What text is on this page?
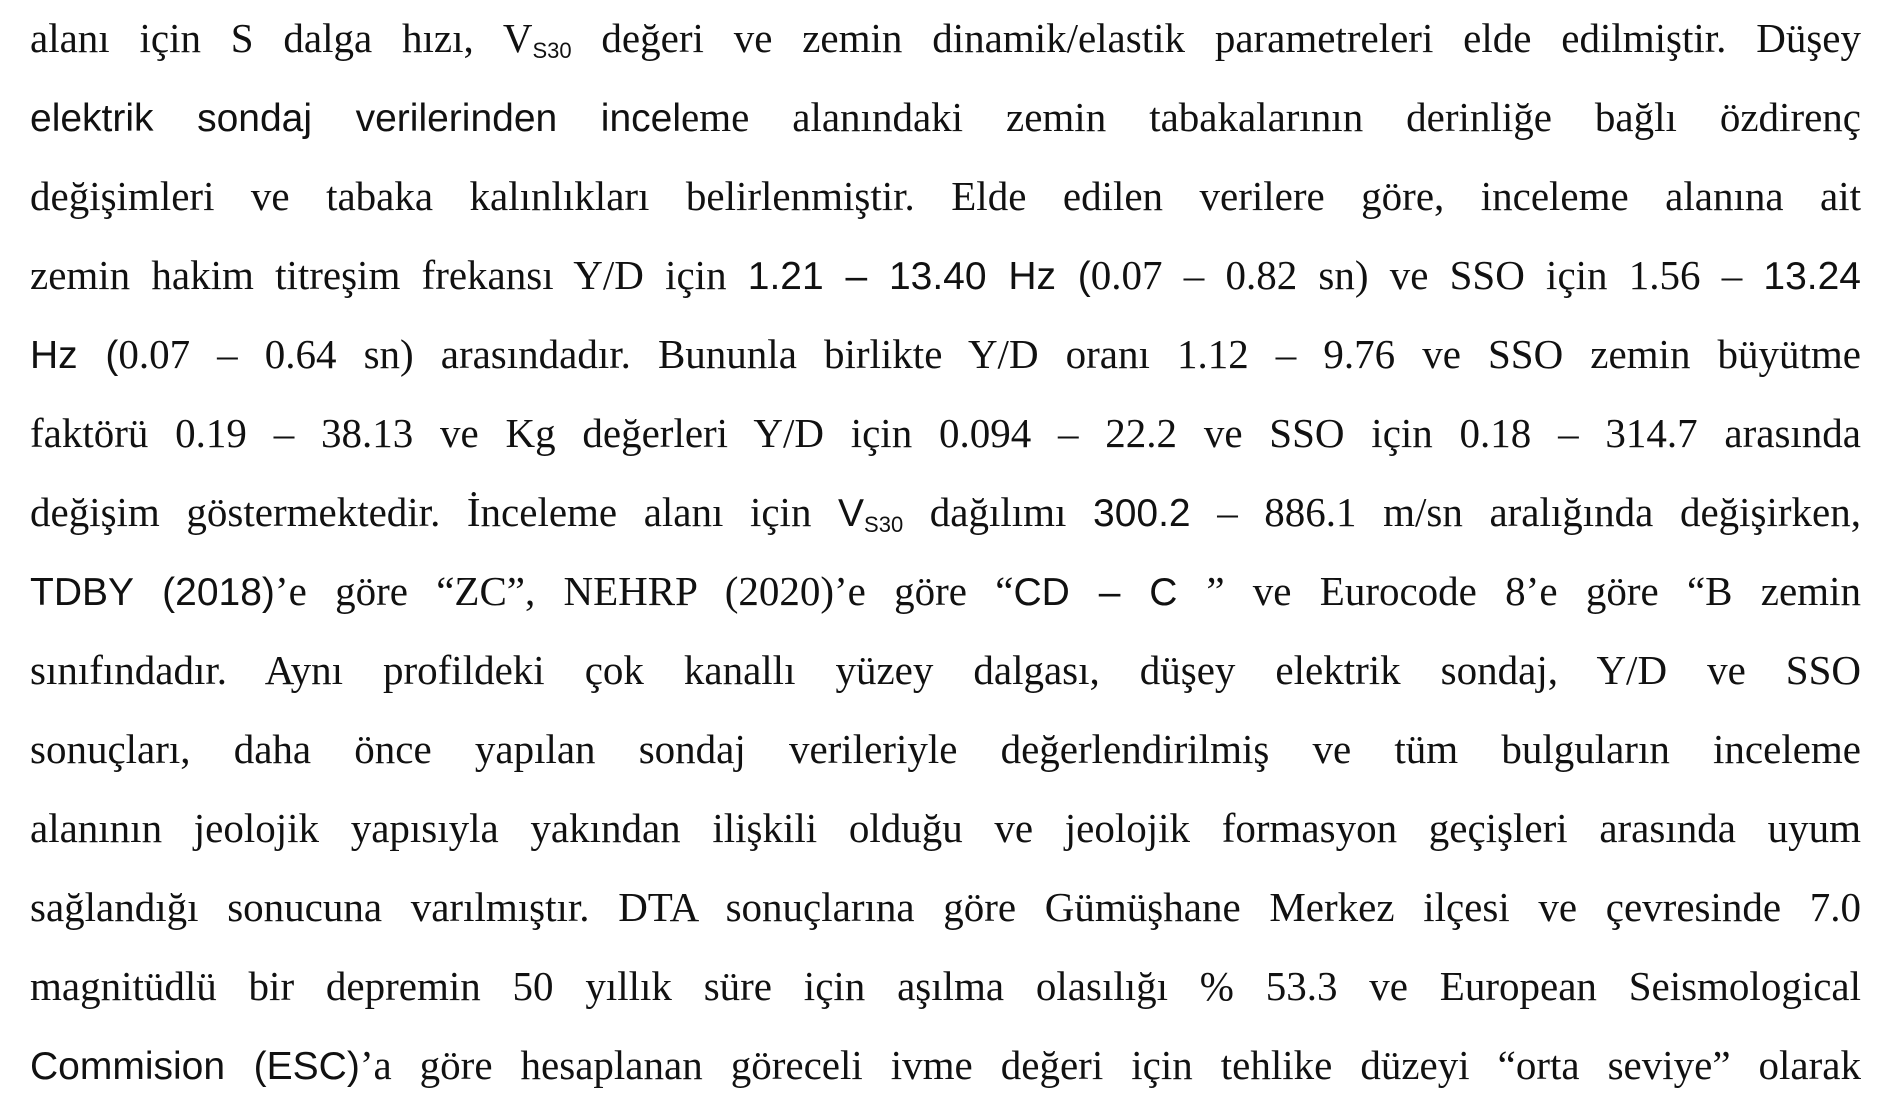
alanı için S dalga hızı, $V_{S30}$ değeri ve zemin dinamik/elastik parametreleri elde edilmiştir. Düşey
elektrik sondaj verilerinden inceleme alanındaki zemin tabakalarının derinliğe bağlı özdirenç
değişimleri ve tabaka kalınlıkları belirlenmiştir. Elde edilen verilere göre, inceleme alanına ait
zemin hakim titreşim frekansı Y/D için 1.21 – 13.40 Hz (0.07 – 0.82 sn) ve SSO için 1.56 – 13.24
Hz (0.07 – 0.64 sn) arasındadır. Bununla birlikte Y/D oranı 1.12 – 9.76 ve SSO zemin büyütme
faktörü 0.19 – 38.13 ve Kg değerleri Y/D için 0.094 – 22.2 ve SSO için 0.18 – 314.7 arasında
değişim göstermektedir. İnceleme alanı için $V_{S30}$ dağılımı 300.2 – 886.1 m/sn aralığında değişirken,
TDBY (2018)’e göre “ZC”, NEHRP (2020)’e göre “CD – C ” ve Eurocode 8’e göre “B zemin
sınıfındadır. Aynı profildeki çok kanallı yüzey dalgası, düşey elektrik sondaj, Y/D ve SSO
sonuçları, daha önce yapılan sondaj verileriyle değerlendirilmiş ve tüm bulguların inceleme
alanının jeolojik yapısıyla yakından ilişkili olduğu ve jeolojik formasyon geçişleri arasında uyum
sağlandığı sonucuna varılmıştır. DTA sonuçlarına göre Gümüşhane Merkez ilçesi ve çevresinde 7.0
magnitüdlü bir depremin 50 yıllık süre için aşılma olasılığı % 53.3 ve European Seismological
Commision (ESC)’a göre hesaplanan göreceli ivme değeri için tehlike düzeyi “orta seviye” olarak
